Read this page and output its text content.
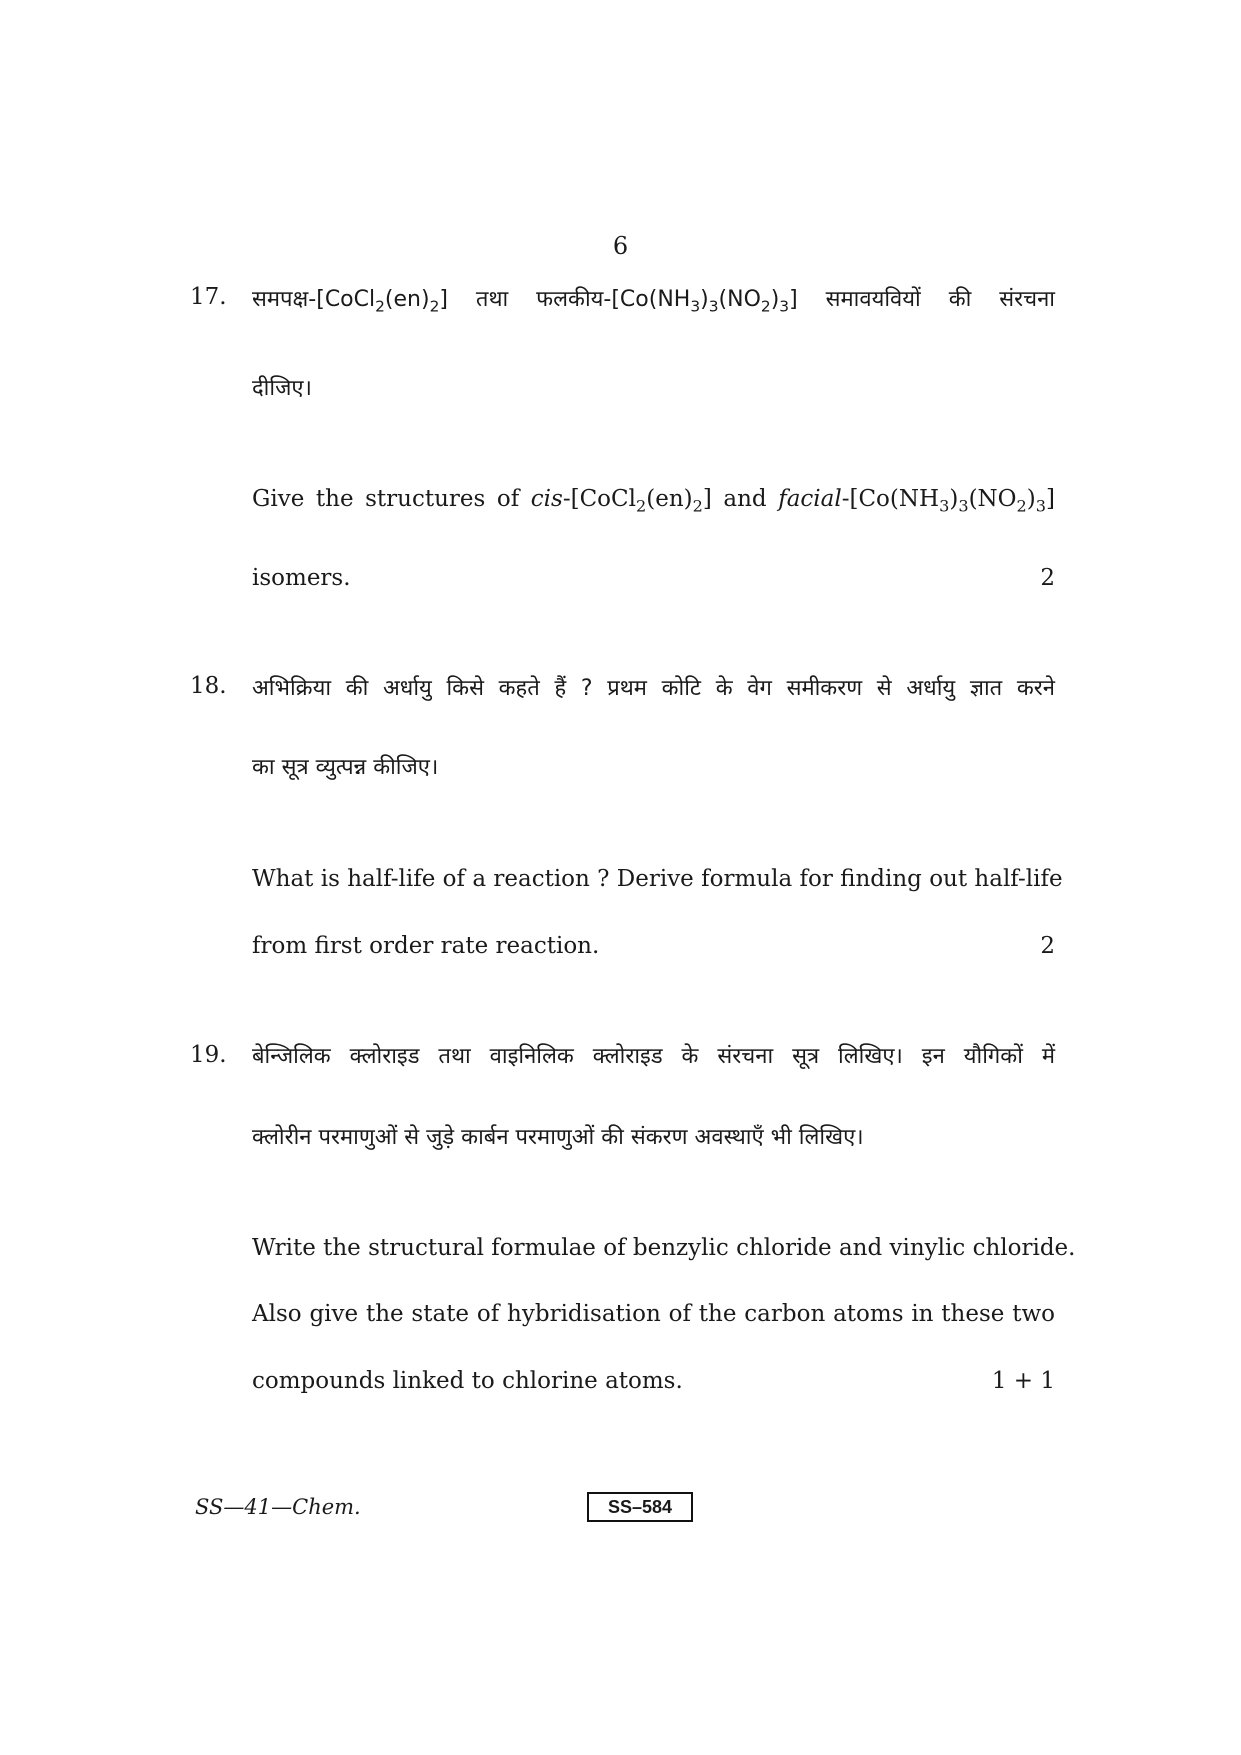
6
17. $समपक्ष-[CoCl_2(en)_2]$ तथा $फलकीय-[Co(NH_3)_3(NO_2)_3]$ समावयवियों की संरचना
दीजिए।
Give the structures of cis-$[CoCl_2(en)_2]$ and facial-$[Co(NH_3)_3(NO_2)_3]$
isomers.	2
18. अभिक्रिया की अर्धायु किसे कहते हैं ? प्रथम कोटि के वेग समीकरण से अर्धायु ज्ञात करने
का सूत्र व्युत्पन्न कीजिए।
What is half-life of a reaction ? Derive formula for finding out half-life
from first order rate reaction.	2
19. बेन्जिलिक क्लोराइड तथा वाइनिलिक क्लोराइड के संरचना सूत्र लिखिए। इन यौगिकों में
क्लोरीन परमाणुओं से जुड़े कार्बन परमाणुओं की संकरण अवस्थाएँ भी लिखिए।
Write the structural formulae of benzylic chloride and vinylic chloride.
Also give the state of hybridisation of the carbon atoms in these two
compounds linked to chlorine atoms.	1 + 1
SS—41—Chem.	SS–584
